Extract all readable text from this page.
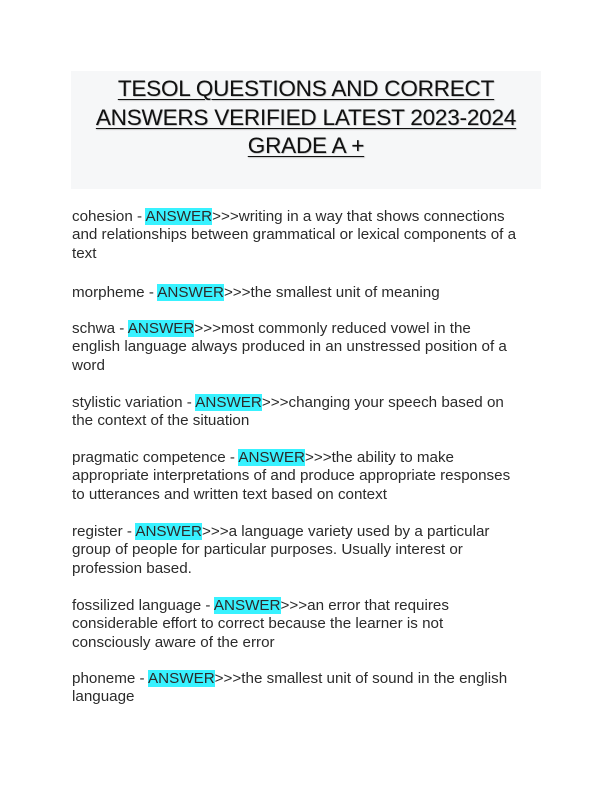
TESOL QUESTIONS AND CORRECT
ANSWERS VERIFIED LATEST 2023-2024
GRADE A +
cohesion - ANSWER>>>writing in a way that shows connections
and relationships between grammatical or lexical components of a
text
morpheme - ANSWER>>>the smallest unit of meaning
schwa - ANSWER>>>most commonly reduced vowel in the
english language always produced in an unstressed position of a
word
stylistic variation - ANSWER>>>changing your speech based on
the context of the situation
pragmatic competence - ANSWER>>>the ability to make
appropriate interpretations of and produce appropriate responses
to utterances and written text based on context
register - ANSWER>>>a language variety used by a particular
group of people for particular purposes. Usually interest or
profession based.
fossilized language - ANSWER>>>an error that requires
considerable effort to correct because the learner is not
consciously aware of the error
phoneme - ANSWER>>>the smallest unit of sound in the english
language
